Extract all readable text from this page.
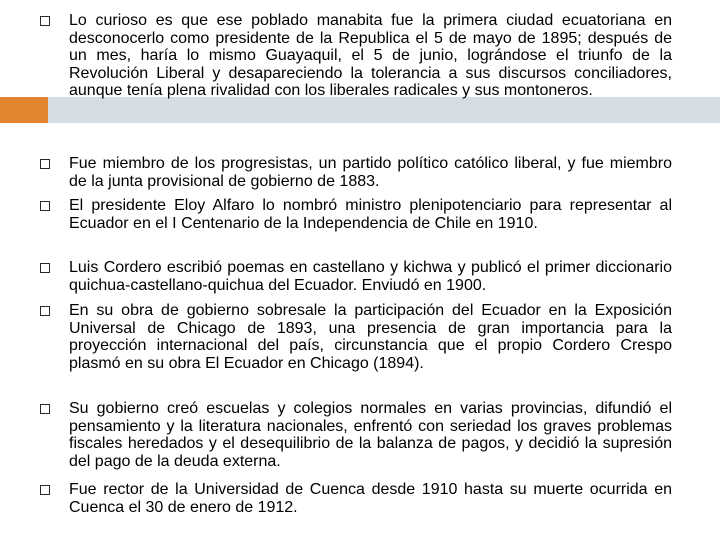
Lo curioso es que ese poblado manabita fue la primera ciudad ecuatoriana en desconocerlo como presidente de la Republica el 5 de mayo de 1895; después de un mes, haría lo mismo Guayaquil, el 5 de junio, lográndose el triunfo de la Revolución Liberal y desapareciendo la tolerancia a sus discursos conciliadores, aunque tenía plena rivalidad con los liberales radicales y sus montoneros.

Fue miembro de los progresistas, un partido político católico liberal, y fue miembro de la junta provisional de gobierno de 1883.

El presidente Eloy Alfaro lo nombró ministro plenipotenciario para representar al Ecuador en el I Centenario de la Independencia de Chile en 1910.

Luis Cordero escribió poemas en castellano y kichwa y publicó el primer diccionario quichua-castellano-quichua del Ecuador. Enviudó en 1900.

En su obra de gobierno sobresale la participación del Ecuador en la Exposición Universal de Chicago de 1893, una presencia de gran importancia para la proyección internacional del país, circunstancia que el propio Cordero Crespo plasmó en su obra El Ecuador en Chicago (1894).

Su gobierno creó escuelas y colegios normales en varias provincias, difundió el pensamiento y la literatura nacionales, enfrentó con seriedad los graves problemas fiscales heredados y el desequilibrio de la balanza de pagos, y decidió la supresión del pago de la deuda externa.

Fue rector de la Universidad de Cuenca desde 1910 hasta su muerte ocurrida en Cuenca el 30 de enero de 1912.
